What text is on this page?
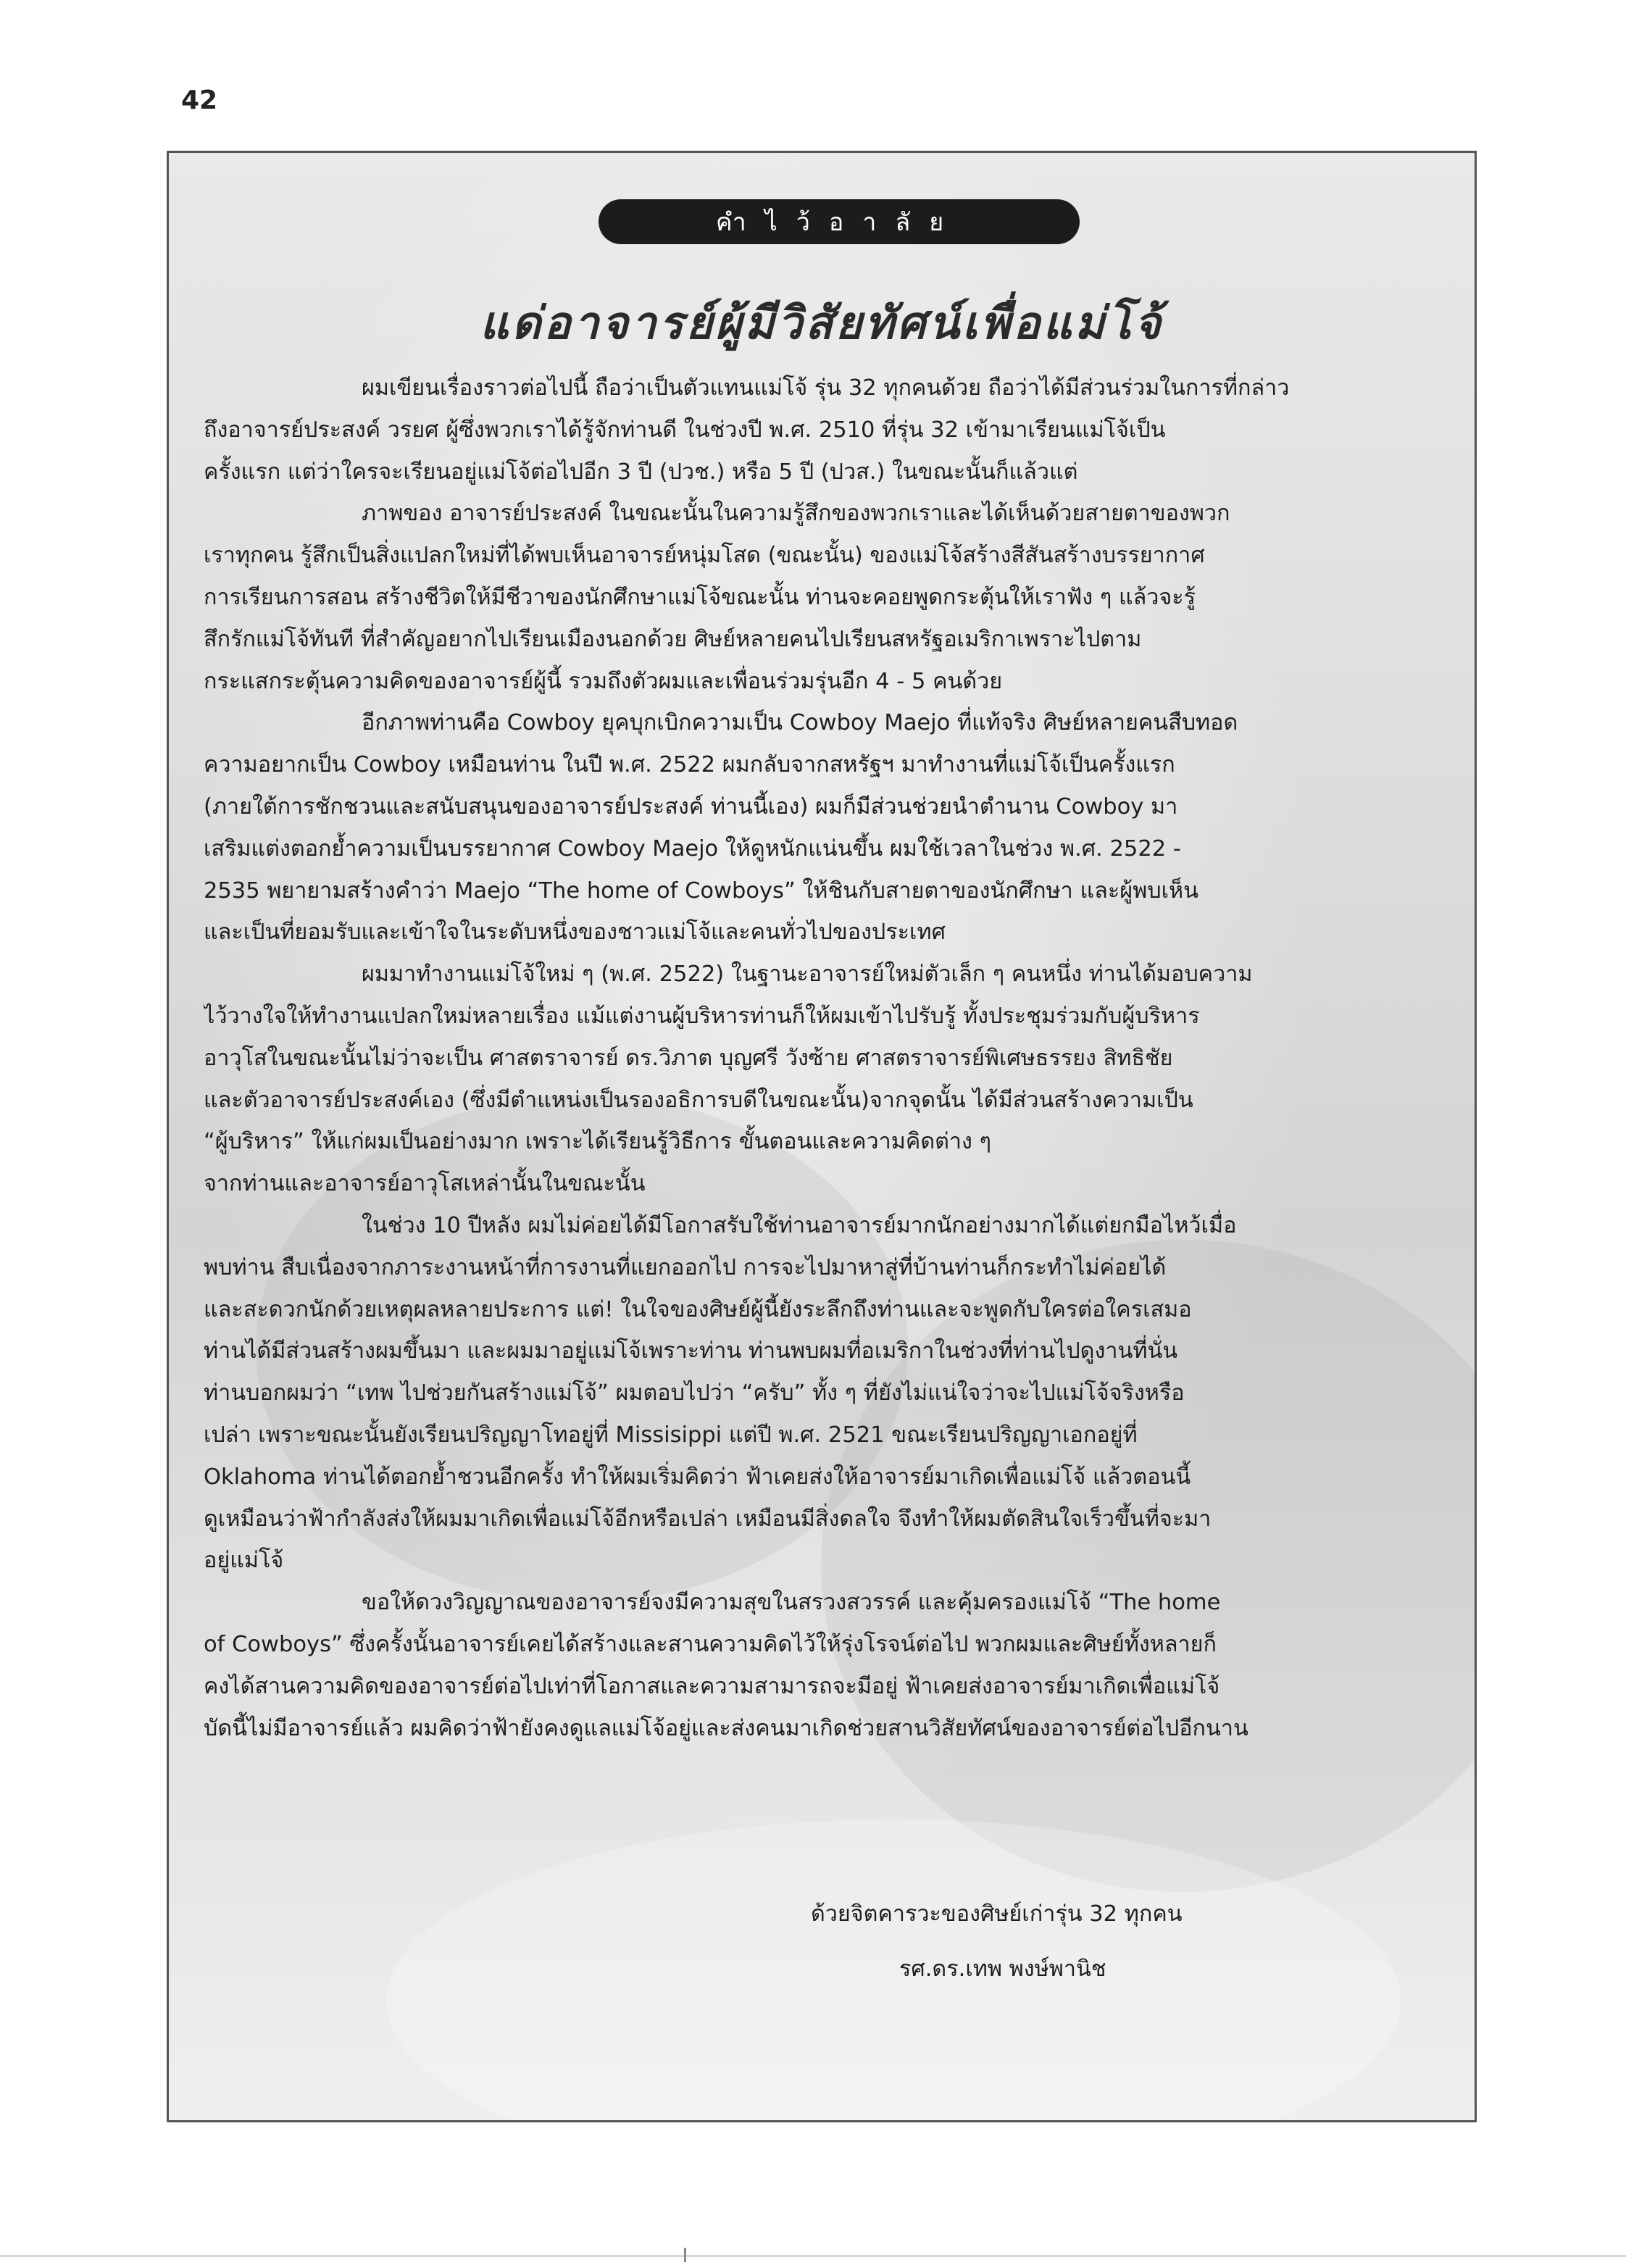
42
คำไว้อาลัย
แด่อาจารย์ผู้มีวิสัยทัศน์เพื่อแม่โจ้
ผมเขียนเรื่องราวต่อไปนี้ ถือว่าเป็นตัวแทนแม่โจ้ รุ่น 32 ทุกคนด้วย ถือว่าได้มีส่วนร่วมในการที่กล่าว
ถึงอาจารย์ประสงค์ วรยศ ผู้ซึ่งพวกเราได้รู้จักท่านดี ในช่วงปี พ.ศ. 2510 ที่รุ่น 32 เข้ามาเรียนแม่โจ้เป็น
ครั้งแรก แต่ว่าใครจะเรียนอยู่แม่โจ้ต่อไปอีก 3 ปี (ปวช.) หรือ 5 ปี (ปวส.) ในขณะนั้นก็แล้วแต่
ภาพของ อาจารย์ประสงค์ ในขณะนั้นในความรู้สึกของพวกเราและได้เห็นด้วยสายตาของพวก
เราทุกคน รู้สึกเป็นสิ่งแปลกใหม่ที่ได้พบเห็นอาจารย์หนุ่มโสด (ขณะนั้น) ของแม่โจ้สร้างสีสันสร้างบรรยากาศ
การเรียนการสอน สร้างชีวิตให้มีชีวาของนักศึกษาแม่โจ้ขณะนั้น ท่านจะคอยพูดกระตุ้นให้เราฟัง ๆ แล้วจะรู้
สึกรักแม่โจ้ทันที ที่สำคัญอยากไปเรียนเมืองนอกด้วย ศิษย์หลายคนไปเรียนสหรัฐอเมริกาเพราะไปตาม
กระแสกระตุ้นความคิดของอาจารย์ผู้นี้ รวมถึงตัวผมและเพื่อนร่วมรุ่นอีก 4 - 5 คนด้วย
อีกภาพท่านคือ Cowboy ยุคบุกเบิกความเป็น Cowboy Maejo ที่แท้จริง ศิษย์หลายคนสืบทอด
ความอยากเป็น Cowboy เหมือนท่าน ในปี พ.ศ. 2522 ผมกลับจากสหรัฐฯ มาทำงานที่แม่โจ้เป็นครั้งแรก
(ภายใต้การชักชวนและสนับสนุนของอาจารย์ประสงค์ ท่านนี้เอง) ผมก็มีส่วนช่วยนำตำนาน Cowboy มา
เสริมแต่งตอกย้ำความเป็นบรรยากาศ Cowboy Maejo ให้ดูหนักแน่นขึ้น ผมใช้เวลาในช่วง พ.ศ. 2522 -
2535 พยายามสร้างคำว่า Maejo “The home of Cowboys” ให้ชินกับสายตาของนักศึกษา และผู้พบเห็น
และเป็นที่ยอมรับและเข้าใจในระดับหนึ่งของชาวแม่โจ้และคนทั่วไปของประเทศ
ผมมาทำงานแม่โจ้ใหม่ ๆ (พ.ศ. 2522) ในฐานะอาจารย์ใหม่ตัวเล็ก ๆ คนหนึ่ง ท่านได้มอบความ
ไว้วางใจให้ทำงานแปลกใหม่หลายเรื่อง แม้แต่งานผู้บริหารท่านก็ให้ผมเข้าไปรับรู้ ทั้งประชุมร่วมกับผู้บริหาร
อาวุโสในขณะนั้นไม่ว่าจะเป็น ศาสตราจารย์ ดร.วิภาต บุญศรี วังซ้าย ศาสตราจารย์พิเศษธรรยง สิทธิชัย
และตัวอาจารย์ประสงค์เอง (ซึ่งมีตำแหน่งเป็นรองอธิการบดีในขณะนั้น)จากจุดนั้น ได้มีส่วนสร้างความเป็น
“ผู้บริหาร” ให้แก่ผมเป็นอย่างมาก เพราะได้เรียนรู้วิธีการ ขั้นตอนและความคิดต่าง ๆ
จากท่านและอาจารย์อาวุโสเหล่านั้นในขณะนั้น
ในช่วง 10 ปีหลัง ผมไม่ค่อยได้มีโอกาสรับใช้ท่านอาจารย์มากนักอย่างมากได้แต่ยกมือไหว้เมื่อ
พบท่าน สืบเนื่องจากภาระงานหน้าที่การงานที่แยกออกไป การจะไปมาหาสู่ที่บ้านท่านก็กระทำไม่ค่อยได้
และสะดวกนักด้วยเหตุผลหลายประการ แต่! ในใจของศิษย์ผู้นี้ยังระลึกถึงท่านและจะพูดกับใครต่อใครเสมอ
ท่านได้มีส่วนสร้างผมขึ้นมา และผมมาอยู่แม่โจ้เพราะท่าน ท่านพบผมที่อเมริกาในช่วงที่ท่านไปดูงานที่นั่น
ท่านบอกผมว่า “เทพ ไปช่วยกันสร้างแม่โจ้” ผมตอบไปว่า “ครับ” ทั้ง ๆ ที่ยังไม่แน่ใจว่าจะไปแม่โจ้จริงหรือ
เปล่า เพราะขณะนั้นยังเรียนปริญญาโทอยู่ที่ Missisippi แต่ปี พ.ศ. 2521 ขณะเรียนปริญญาเอกอยู่ที่
Oklahoma ท่านได้ตอกย้ำชวนอีกครั้ง ทำให้ผมเริ่มคิดว่า ฟ้าเคยส่งให้อาจารย์มาเกิดเพื่อแม่โจ้ แล้วตอนนี้
ดูเหมือนว่าฟ้ากำลังส่งให้ผมมาเกิดเพื่อแม่โจ้อีกหรือเปล่า เหมือนมีสิ่งดลใจ จึงทำให้ผมตัดสินใจเร็วขึ้นที่จะมา
อยู่แม่โจ้
ขอให้ดวงวิญญาณของอาจารย์จงมีความสุขในสรวงสวรรค์ และคุ้มครองแม่โจ้ “The home
of Cowboys” ซึ่งครั้งนั้นอาจารย์เคยได้สร้างและสานความคิดไว้ให้รุ่งโรจน์ต่อไป พวกผมและศิษย์ทั้งหลายก็
คงได้สานความคิดของอาจารย์ต่อไปเท่าที่โอกาสและความสามารถจะมีอยู่ ฟ้าเคยส่งอาจารย์มาเกิดเพื่อแม่โจ้
บัดนี้ไม่มีอาจารย์แล้ว ผมคิดว่าฟ้ายังคงดูแลแม่โจ้อยู่และส่งคนมาเกิดช่วยสานวิสัยทัศน์ของอาจารย์ต่อไปอีกนาน
ด้วยจิตคารวะของศิษย์เก่ารุ่น 32 ทุกคน
รศ.ดร.เทพ พงษ์พานิช
